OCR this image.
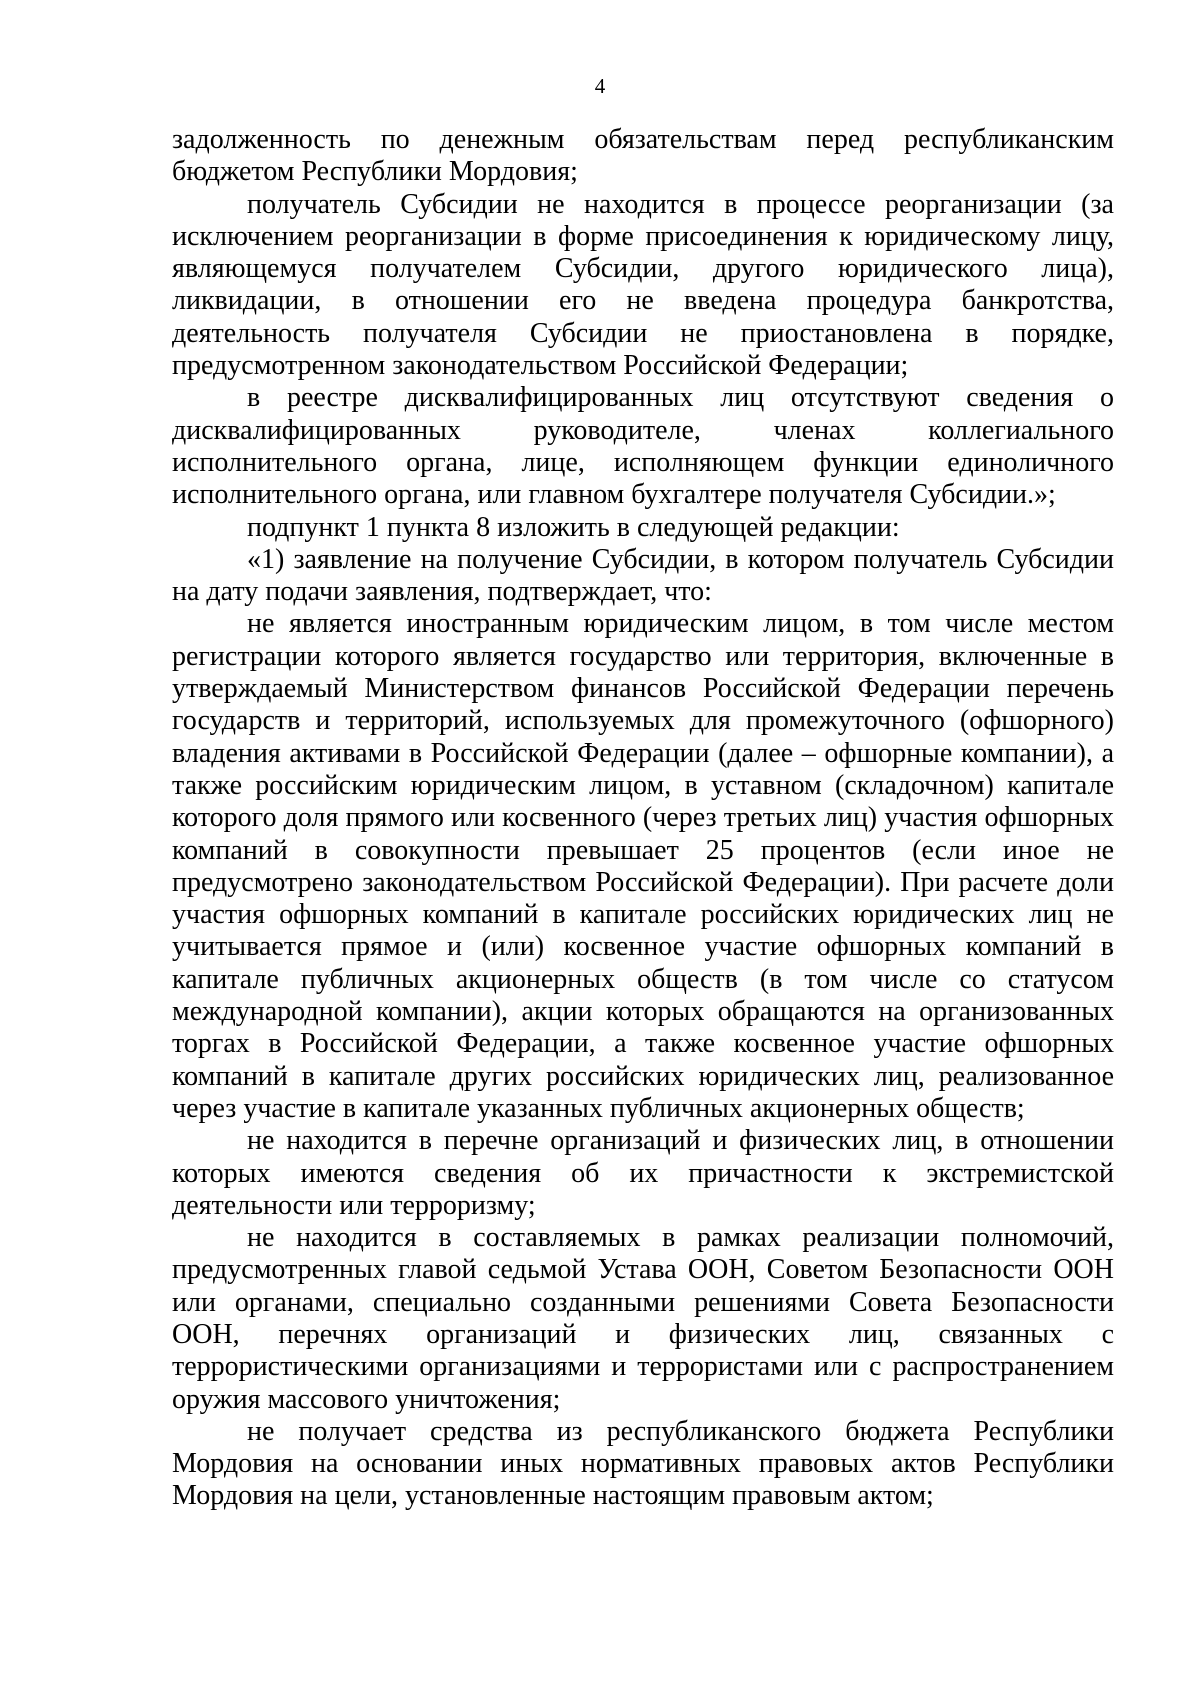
4

задолженность по денежным обязательствам перед республиканским бюджетом Республики Мордовия;

получатель Субсидии не находится в процессе реорганизации (за исключением реорганизации в форме присоединения к юридическому лицу, являющемуся получателем Субсидии, другого юридического лица), ликвидации, в отношении его не введена процедура банкротства, деятельность получателя Субсидии не приостановлена в порядке, предусмотренном законодательством Российской Федерации;

в реестре дисквалифицированных лиц отсутствуют сведения о дисквалифицированных руководителе, членах коллегиального исполнительного органа, лице, исполняющем функции единоличного исполнительного органа, или главном бухгалтере получателя Субсидии.»;

подпункт 1 пункта 8 изложить в следующей редакции:

«1) заявление на получение Субсидии, в котором получатель Субсидии на дату подачи заявления, подтверждает, что:

не является иностранным юридическим лицом, в том числе местом регистрации которого является государство или территория, включенные в утверждаемый Министерством финансов Российской Федерации перечень государств и территорий, используемых для промежуточного (офшорного) владения активами в Российской Федерации (далее – офшорные компании), а также российским юридическим лицом, в уставном (складочном) капитале которого доля прямого или косвенного (через третьих лиц) участия офшорных компаний в совокупности превышает 25 процентов (если иное не предусмотрено законодательством Российской Федерации). При расчете доли участия офшорных компаний в капитале российских юридических лиц не учитывается прямое и (или) косвенное участие офшорных компаний в капитале публичных акционерных обществ (в том числе со статусом международной компании), акции которых обращаются на организованных торгах в Российской Федерации, а также косвенное участие офшорных компаний в капитале других российских юридических лиц, реализованное через участие в капитале указанных публичных акционерных обществ;

не находится в перечне организаций и физических лиц, в отношении которых имеются сведения об их причастности к экстремистской деятельности или терроризму;

не находится в составляемых в рамках реализации полномочий, предусмотренных главой седьмой Устава ООН, Советом Безопасности ООН или органами, специально созданными решениями Совета Безопасности ООН, перечнях организаций и физических лиц, связанных с террористическими организациями и террористами или с распространением оружия массового уничтожения;

не получает средства из республиканского бюджета Республики Мордовия на основании иных нормативных правовых актов Республики Мордовия на цели, установленные настоящим правовым актом;
